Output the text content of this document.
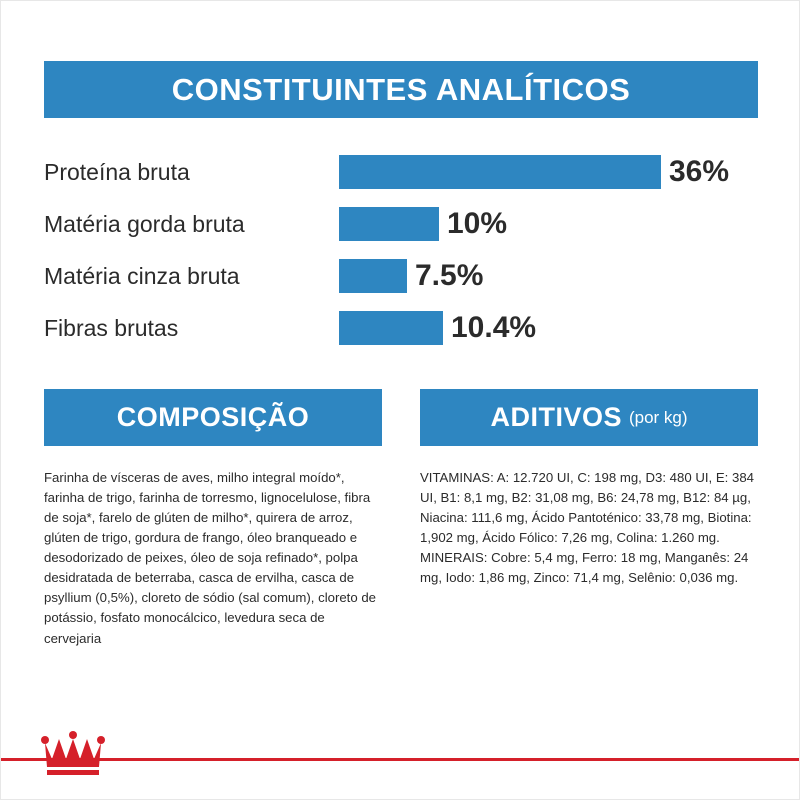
CONSTITUINTES ANALÍTICOS
Proteína bruta	36%
Matéria gorda bruta	10%
Matéria cinza bruta	7.5%
Fibras brutas	10.4%
COMPOSIÇÃO

Farinha de vísceras de aves, milho integral moído*, farinha de trigo, farinha de torresmo, lignocelulose, fibra de soja*, farelo de glúten de milho*, quirera de arroz, glúten de trigo, gordura de frango, óleo branqueado e desodorizado de peixes, óleo de soja refinado*, polpa desidratada de beterraba, casca de ervilha, casca de psyllium (0,5%), cloreto de sódio (sal comum), cloreto de potássio, fosfato monocálcico, levedura seca de cervejaria

ADITIVOS (por kg)

VITAMINAS: A: 12.720 UI, C: 198 mg, D3: 480 UI, E: 384 UI, B1: 8,1 mg, B2: 31,08 mg, B6: 24,78 mg, B12: 84 µg, Niacina: 111,6 mg, Ácido Pantoténico: 33,78 mg, Biotina: 1,902 mg, Ácido Fólico: 7,26 mg, Colina: 1.260 mg.

MINERAIS: Cobre: 5,4 mg, Ferro: 18 mg, Manganês: 24 mg, Iodo: 1,86 mg, Zinco: 71,4 mg, Selênio: 0,036 mg.
